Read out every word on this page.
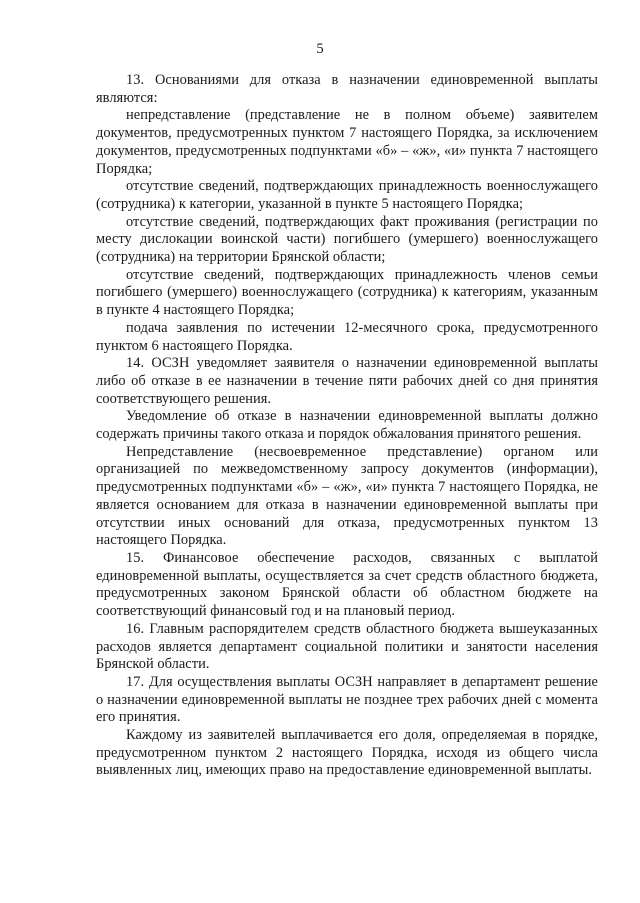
5

13. Основаниями для отказа в назначении единовременной выплаты являются:

непредставление (представление не в полном объеме) заявителем документов, предусмотренных пунктом 7 настоящего Порядка, за исключением документов, предусмотренных подпунктами «б» – «ж», «и» пункта 7 настоящего Порядка;

отсутствие сведений, подтверждающих принадлежность военнослужащего (сотрудника) к категории, указанной в пункте 5 настоящего Порядка;

отсутствие сведений, подтверждающих факт проживания (регистрации по месту дислокации воинской части) погибшего (умершего) военнослужащего (сотрудника) на территории Брянской области;

отсутствие сведений, подтверждающих принадлежность членов семьи погибшего (умершего) военнослужащего (сотрудника) к категориям, указанным в пункте 4 настоящего Порядка;

подача заявления по истечении 12-месячного срока, предусмотренного пунктом 6 настоящего Порядка.

14. ОСЗН уведомляет заявителя о назначении единовременной выплаты либо об отказе в ее назначении в течение пяти рабочих дней со дня принятия соответствующего решения.

Уведомление об отказе в назначении единовременной выплаты должно содержать причины такого отказа и порядок обжалования принятого решения.

Непредставление (несвоевременное представление) органом или организацией по межведомственному запросу документов (информации), предусмотренных подпунктами «б» – «ж», «и» пункта 7 настоящего Порядка, не является основанием для отказа в назначении единовременной выплаты при отсутствии иных оснований для отказа, предусмотренных пунктом 13 настоящего Порядка.

15. Финансовое обеспечение расходов, связанных с выплатой единовременной выплаты, осуществляется за счет средств областного бюджета, предусмотренных законом Брянской области об областном бюджете на соответствующий финансовый год и на плановый период.

16. Главным распорядителем средств областного бюджета вышеуказанных расходов является департамент социальной политики и занятости населения Брянской области.

17. Для осуществления выплаты ОСЗН направляет в департамент решение о назначении единовременной выплаты не позднее трех рабочих дней с момента его принятия.

Каждому из заявителей выплачивается его доля, определяемая в порядке, предусмотренном пунктом 2 настоящего Порядка, исходя из общего числа выявленных лиц, имеющих право на предоставление единовременной выплаты.
